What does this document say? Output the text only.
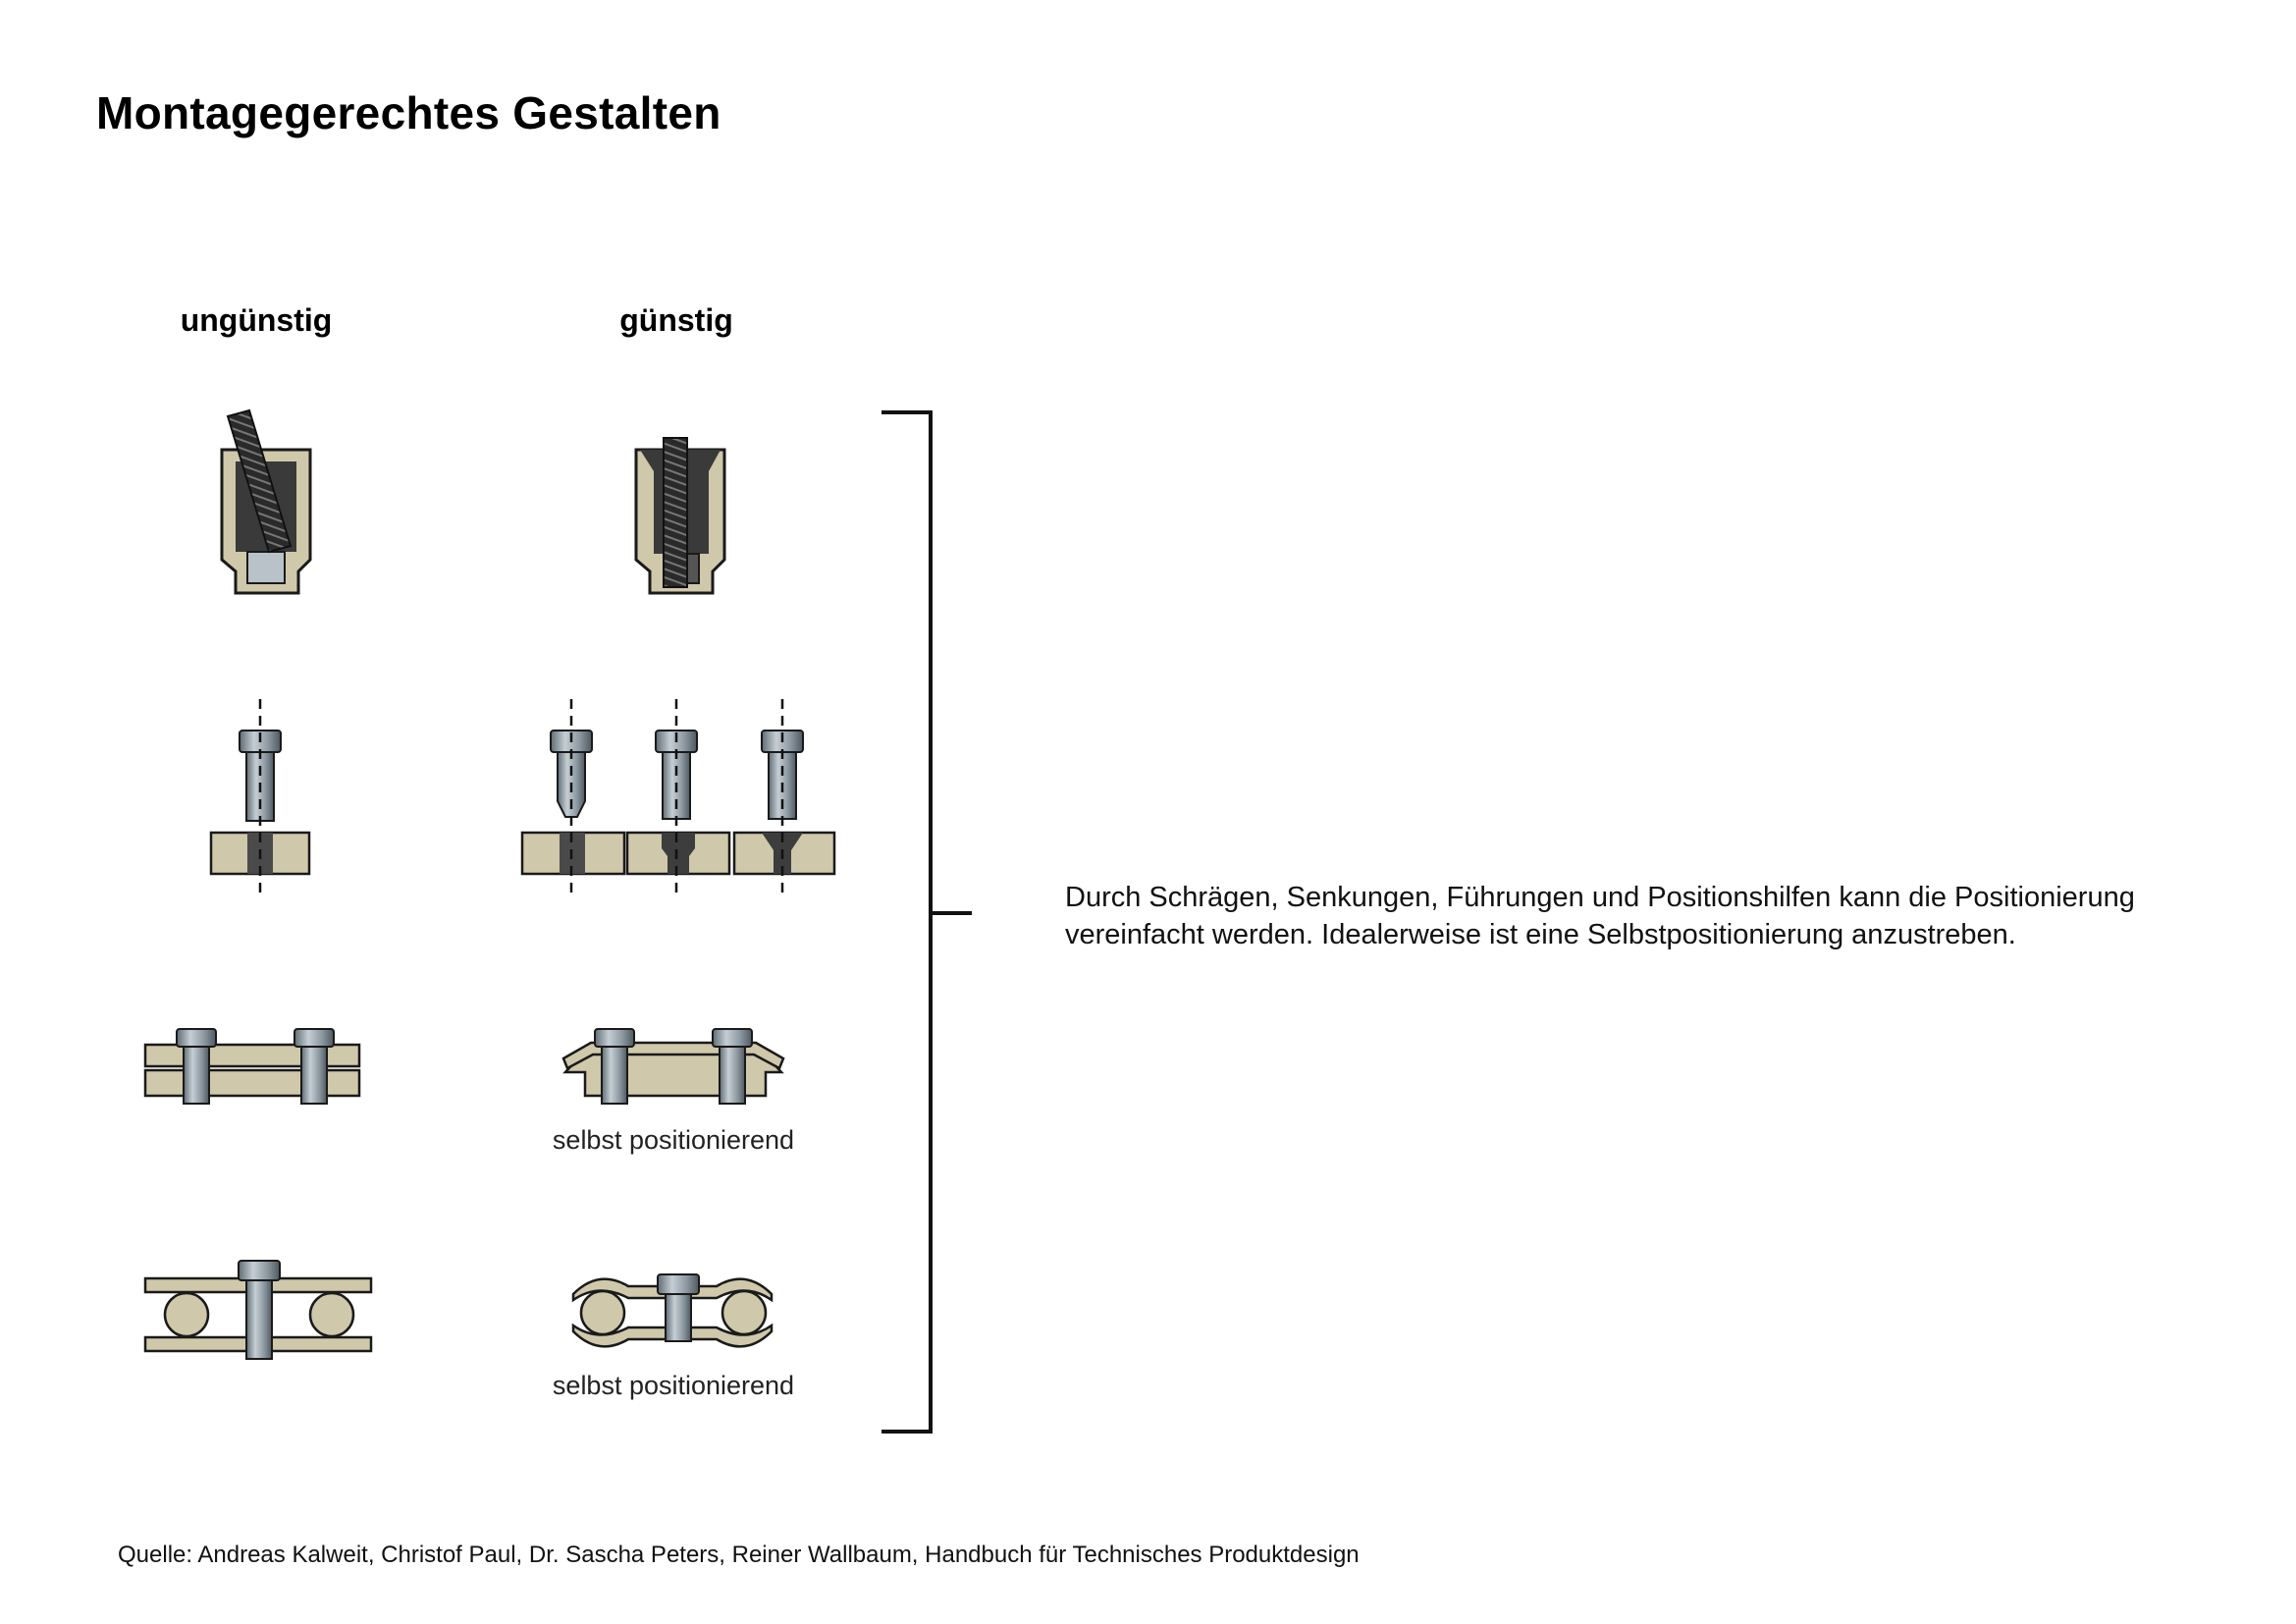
Montagegerechtes Gestalten
ungünstig	günstig
selbst positionierend
selbst positionierend
Durch Schrägen, Senkungen, Führungen und Positionshilfen kann die Positionierung
vereinfacht werden. Idealerweise ist eine Selbstpositionierung anzustreben.
Quelle: Andreas Kalweit, Christof Paul, Dr. Sascha Peters, Reiner Wallbaum, Handbuch für Technisches Produktdesign
